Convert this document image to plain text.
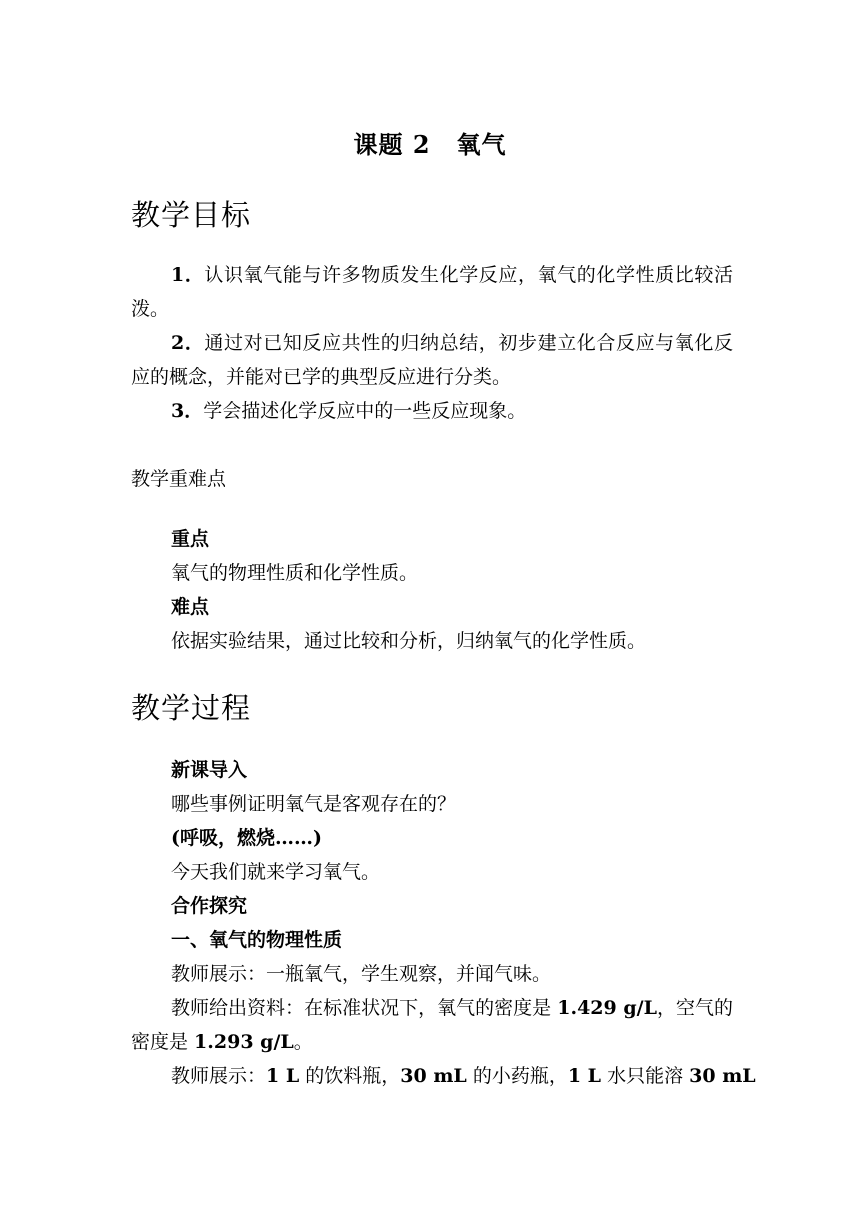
课题 2 氧气
教学目标
1．认识氧气能与许多物质发生化学反应，氧气的化学性质比较活泼。
2．通过对已知反应共性的归纳总结，初步建立化合反应与氧化反应的概念，并能对已学的典型反应进行分类。
3．学会描述化学反应中的一些反应现象。
教学重难点
重点
氧气的物理性质和化学性质。
难点
依据实验结果，通过比较和分析，归纳氧气的化学性质。
教学过程
新课导入
哪些事例证明氧气是客观存在的？
(呼吸，燃烧……)
今天我们就来学习氧气。
合作探究
一、氧气的物理性质
教师展示：一瓶氧气，学生观察，并闻气味。
教师给出资料：在标准状况下，氧气的密度是 1.429 g/L，空气的密度是 1.293 g/L。
教师展示：1 L 的饮料瓶，30 mL 的小药瓶，1 L 水只能溶 30 mL
